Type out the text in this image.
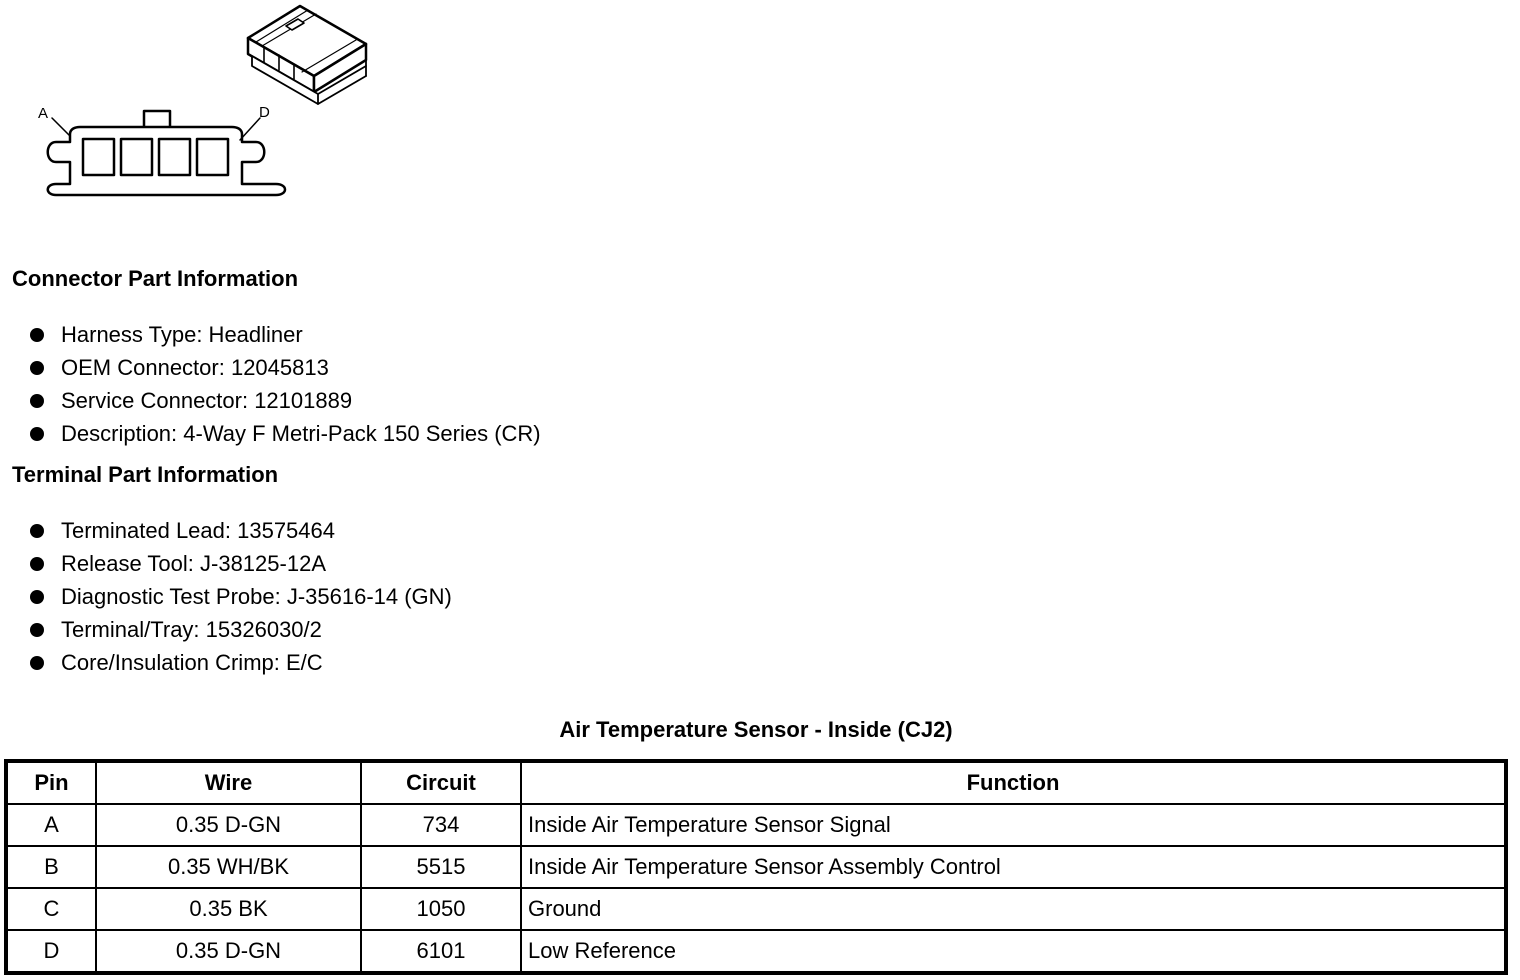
A	D
Connector Part Information
Harness Type: Headliner
OEM Connector: 12045813
Service Connector: 12101889
Description: 4-Way F Metri-Pack 150 Series (CR)
Terminal Part Information
Terminated Lead: 13575464
Release Tool: J-38125-12A
Diagnostic Test Probe: J-35616-14 (GN)
Terminal/Tray: 15326030/2
Core/Insulation Crimp: E/C
Air Temperature Sensor - Inside (CJ2)
Pin	Wire	Circuit	Function
A	0.35 D-GN	734	Inside Air Temperature Sensor Signal
B	0.35 WH/BK	5515	Inside Air Temperature Sensor Assembly Control
C	0.35 BK	1050	Ground
D	0.35 D-GN	6101	Low Reference
